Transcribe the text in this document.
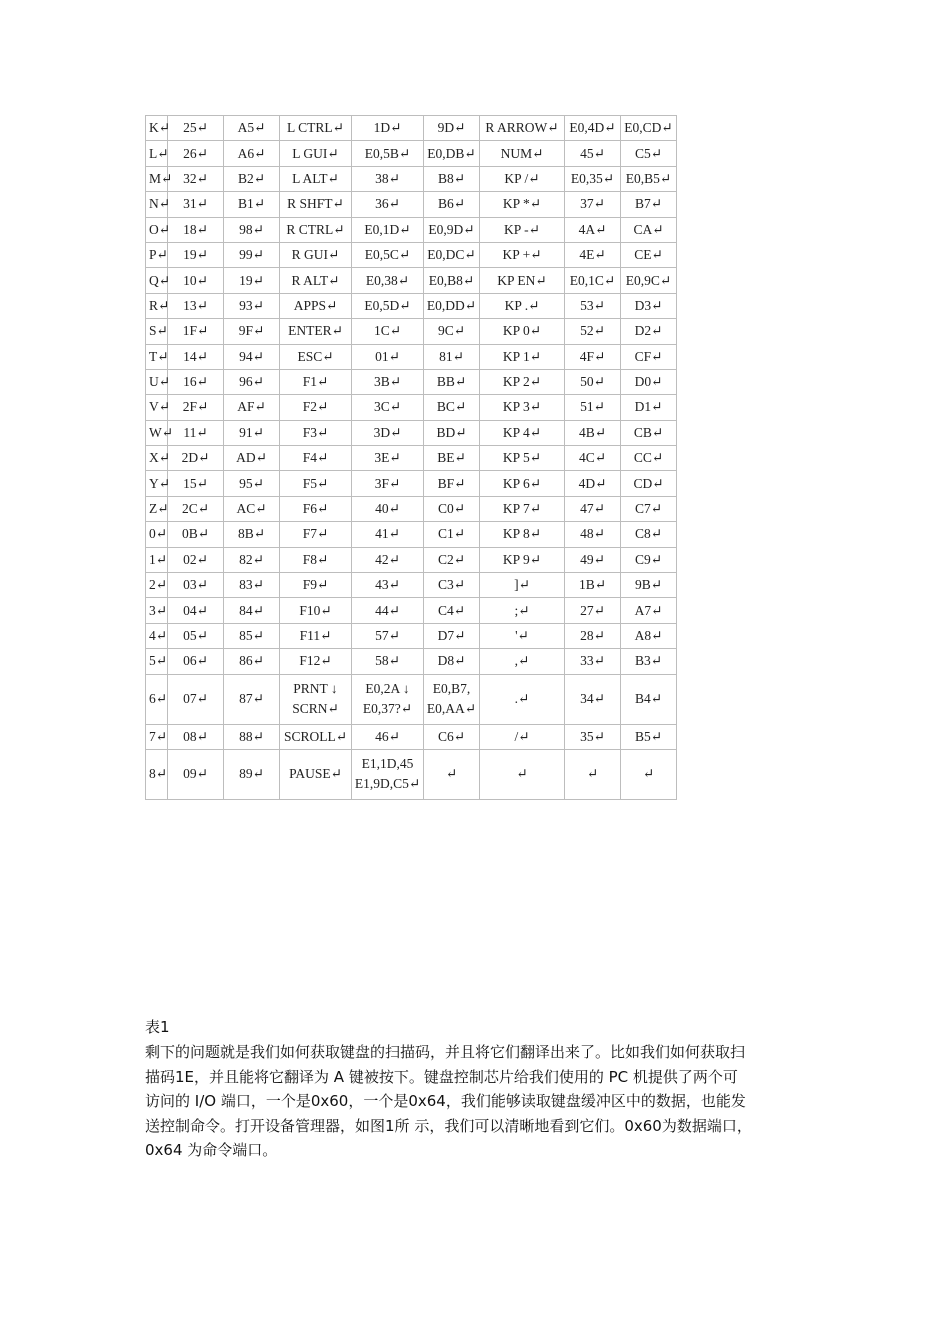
K↵	25↵	A5↵	L CTRL↵	1D↵	9D↵	R ARROW↵	E0,4D↵	E0,CD↵
L↵	26↵	A6↵	L GUI↵	E0,5B↵	E0,DB↵	NUM↵	45↵	C5↵
M↵	32↵	B2↵	L ALT↵	38↵	B8↵	KP /↵	E0,35↵	E0,B5↵
N↵	31↵	B1↵	R SHFT↵	36↵	B6↵	KP *↵	37↵	B7↵
O↵	18↵	98↵	R CTRL↵	E0,1D↵	E0,9D↵	KP -↵	4A↵	CA↵
P↵	19↵	99↵	R GUI↵	E0,5C↵	E0,DC↵	KP +↵	4E↵	CE↵
Q↵	10↵	19↵	R ALT↵	E0,38↵	E0,B8↵	KP EN↵	E0,1C↵	E0,9C↵
R↵	13↵	93↵	APPS↵	E0,5D↵	E0,DD↵	KP .↵	53↵	D3↵
S↵	1F↵	9F↵	ENTER↵	1C↵	9C↵	KP 0↵	52↵	D2↵
T↵	14↵	94↵	ESC↵	01↵	81↵	KP 1↵	4F↵	CF↵
U↵	16↵	96↵	F1↵	3B↵	BB↵	KP 2↵	50↵	D0↵
V↵	2F↵	AF↵	F2↵	3C↵	BC↵	KP 3↵	51↵	D1↵
W↵	11↵	91↵	F3↵	3D↵	BD↵	KP 4↵	4B↵	CB↵
X↵	2D↵	AD↵	F4↵	3E↵	BE↵	KP 5↵	4C↵	CC↵
Y↵	15↵	95↵	F5↵	3F↵	BF↵	KP 6↵	4D↵	CD↵
Z↵	2C↵	AC↵	F6↵	40↵	C0↵	KP 7↵	47↵	C7↵
0↵	0B↵	8B↵	F7↵	41↵	C1↵	KP 8↵	48↵	C8↵
1↵	02↵	82↵	F8↵	42↵	C2↵	KP 9↵	49↵	C9↵
2↵	03↵	83↵	F9↵	43↵	C3↵	]↵	1B↵	9B↵
3↵	04↵	84↵	F10↵	44↵	C4↵	;↵	27↵	A7↵
4↵	05↵	85↵	F11↵	57↵	D7↵	'↵	28↵	A8↵
5↵	06↵	86↵	F12↵	58↵	D8↵	,↵	33↵	B3↵
6↵	07↵	87↵	PRNT ↓ SCRN↵	E0,2A ↓ E0,37?↵	E0,B7, E0,AA↵	.↵	34↵	B4↵
7↵	08↵	88↵	SCROLL↵	46↵	C6↵	/↵	35↵	B5↵
8↵	09↵	89↵	PAUSE↵	E1,1D,45 E1,9D,C5↵	↵	↵	↵	↵
表1
剩下的问题就是我们如何获取键盘的扫描码，并且将它们翻译出来了。比如我们如何获取扫
描码1E，并且能将它翻译为 A 键被按下。键盘控制芯片给我们使用的 PC 机提供了两个可
访问的 I/O 端口，一个是0x60，一个是0x64，我们能够读取键盘缓冲区中的数据，也能发
送控制命令。打开设备管理器，如图1所 示，我们可以清晰地看到它们。0x60为数据端口，
0x64 为命令端口。
